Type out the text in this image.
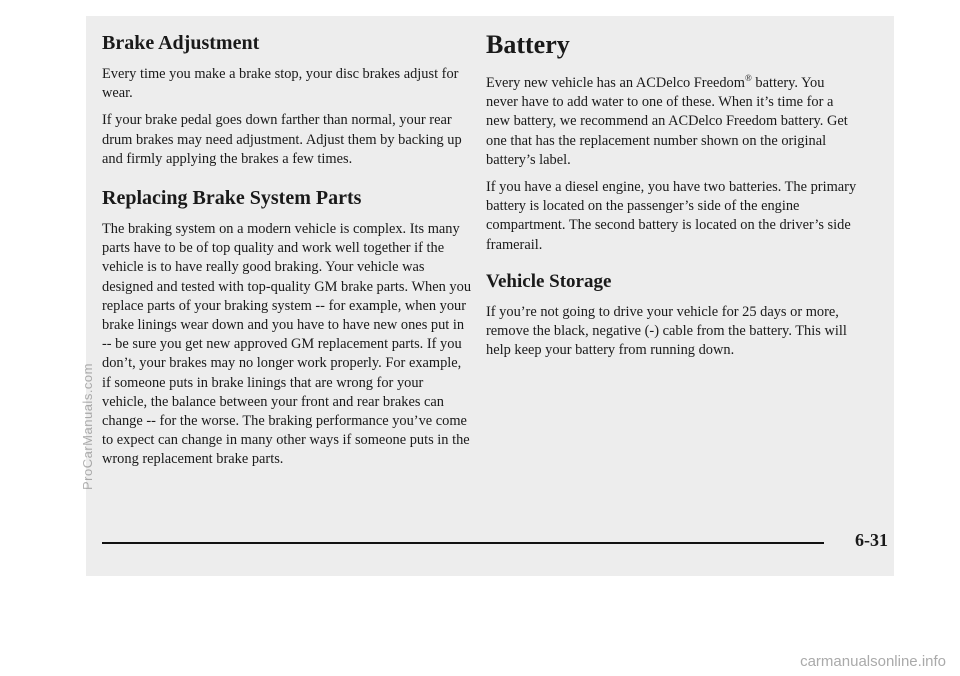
Brake Adjustment

Every time you make a brake stop, your disc brakes adjust for wear.

If your brake pedal goes down farther than normal, your rear drum brakes may need adjustment. Adjust them by backing up and firmly applying the brakes a few times.

Replacing Brake System Parts

The braking system on a modern vehicle is complex. Its many parts have to be of top quality and work well together if the vehicle is to have really good braking. Your vehicle was designed and tested with top-quality GM brake parts. When you replace parts of your braking system -- for example, when your brake linings wear down and you have to have new ones put in -- be sure you get new approved GM replacement parts. If you don’t, your brakes may no longer work properly. For example, if someone puts in brake linings that are wrong for your vehicle, the balance between your front and rear brakes can change -- for the worse. The braking performance you’ve come to expect can change in many other ways if someone puts in the wrong replacement brake parts.

Battery

Every new vehicle has an ACDelco Freedom® battery. You never have to add water to one of these. When it’s time for a new battery, we recommend an ACDelco Freedom battery. Get one that has the replacement number shown on the original battery’s label.

If you have a diesel engine, you have two batteries. The primary battery is located on the passenger’s side of the engine compartment. The second battery is located on the driver’s side framerail.

Vehicle Storage

If you’re not going to drive your vehicle for 25 days or more, remove the black, negative (-) cable from the battery. This will help keep your battery from running down.

6-31
ProCarManuals.com
carmanualsonline.info
